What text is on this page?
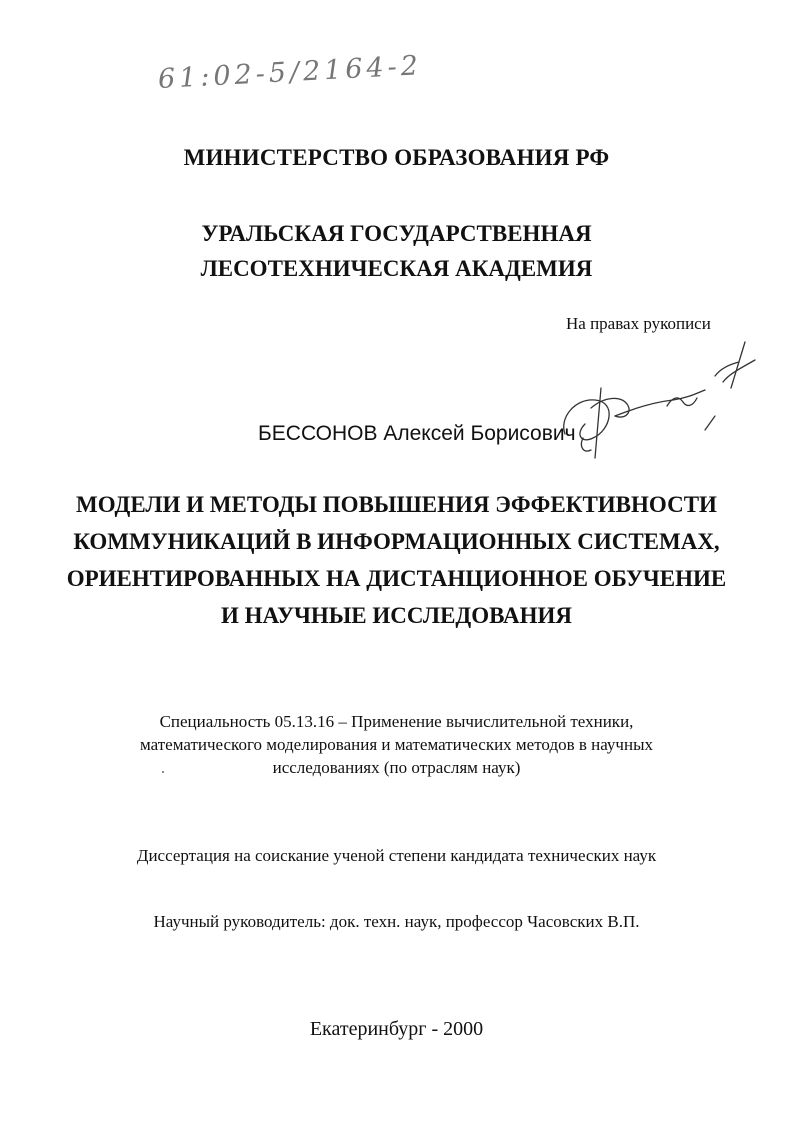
61:02-5/2164-2
МИНИСТЕРСТВО ОБРАЗОВАНИЯ РФ
УРАЛЬСКАЯ ГОСУДАРСТВЕННАЯ
ЛЕСОТЕХНИЧЕСКАЯ АКАДЕМИЯ
На правах рукописи
БЕССОНОВ Алексей Борисович
МОДЕЛИ И МЕТОДЫ ПОВЫШЕНИЯ ЭФФЕКТИВНОСТИ
КОММУНИКАЦИЙ В ИНФОРМАЦИОННЫХ СИСТЕМАХ,
ОРИЕНТИРОВАННЫХ НА ДИСТАНЦИОННОЕ ОБУЧЕНИЕ
И НАУЧНЫЕ ИССЛЕДОВАНИЯ
Специальность 05.13.16 – Применение вычислительной техники,
математического моделирования и математических методов в научных
исследованиях (по отраслям наук)
Диссертация на соискание ученой степени кандидата технических наук
Научный руководитель: док. техн. наук, профессор Часовских В.П.
Екатеринбург - 2000
